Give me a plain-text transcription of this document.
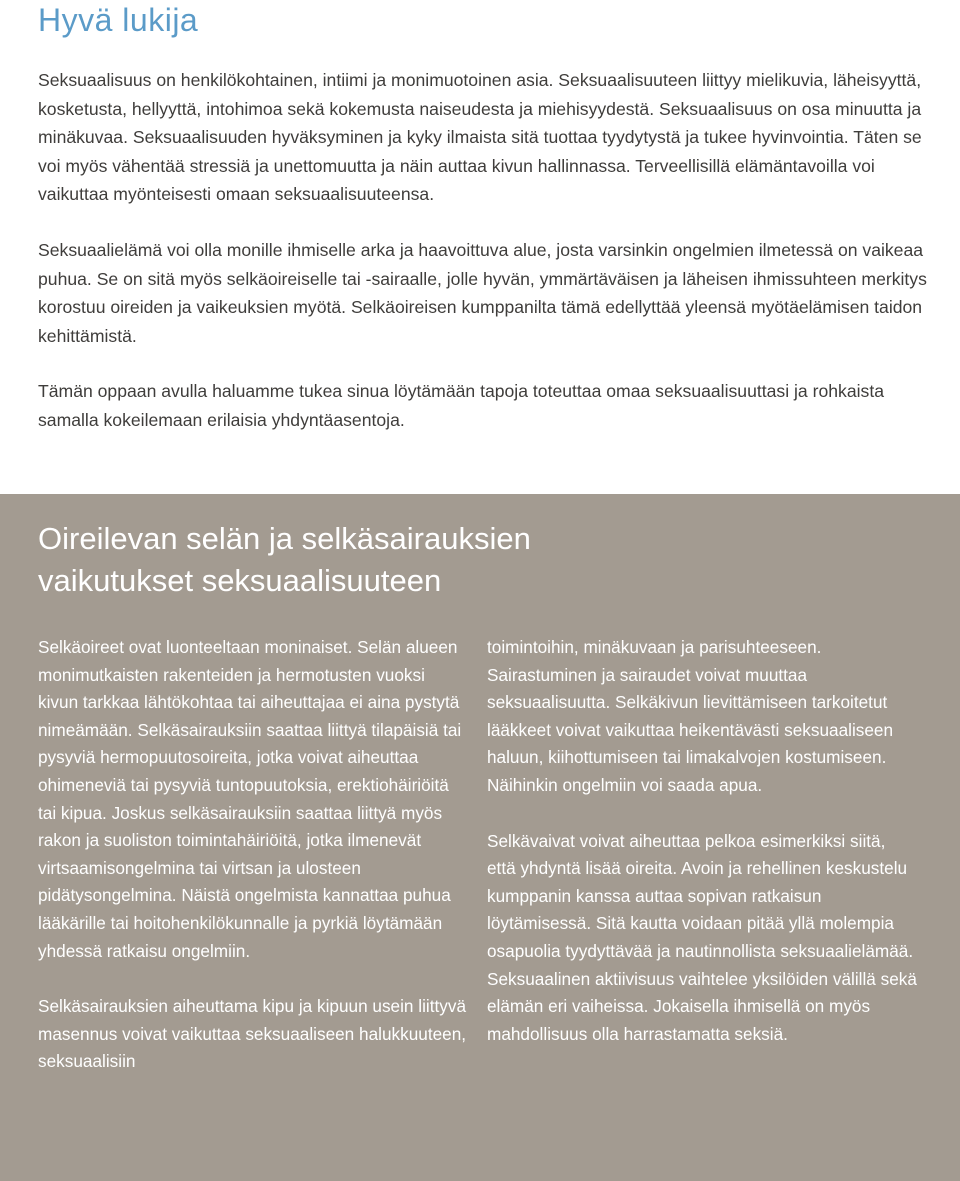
Hyvä lukija

Seksuaalisuus on henkilökohtainen, intiimi ja monimuotoinen asia. Seksuaalisuuteen liittyy mielikuvia, läheisyyttä, kosketusta, hellyyttä, intohimoa sekä kokemusta naiseudesta ja miehisyydestä. Seksuaalisuus on osa minuutta ja minäkuvaa. Seksuaalisuuden hyväksyminen ja kyky ilmaista sitä tuottaa tyydytystä ja tukee hyvinvointia. Täten se voi myös vähentää stressiä ja unettomuutta ja näin auttaa kivun hallinnassa. Terveellisillä elämäntavoilla voi vaikuttaa myönteisesti omaan seksuaalisuuteensa.

Seksuaalielämä voi olla monille ihmiselle arka ja haavoittuva alue, josta varsinkin ongelmien ilmetessä on vaikeaa puhua. Se on sitä myös selkäoireiselle tai -sairaalle, jolle hyvän, ymmärtäväisen ja läheisen ihmissuhteen merkitys korostuu oireiden ja vaikeuksien myötä. Selkäoireisen kumppanilta tämä edellyttää yleensä myötäelämisen taidon kehittämistä.

Tämän oppaan avulla haluamme tukea sinua löytämään tapoja toteuttaa omaa seksuaalisuuttasi ja rohkaista samalla kokeilemaan erilaisia yhdyntäasentoja.

Oireilevan selän ja selkäsairauksien
vaikutukset seksuaalisuuteen

Selkäoireet ovat luonteeltaan moninaiset. Selän alueen monimutkaisten rakenteiden ja hermotusten vuoksi kivun tarkkaa lähtökohtaa tai aiheuttajaa ei aina pystytä nimeämään. Selkäsairauksiin saattaa liittyä tilapäisiä tai pysyviä hermopuutosoireita, jotka voivat aiheuttaa ohimeneviä tai pysyviä tuntopuutoksia, erektiohäiriöitä tai kipua. Joskus selkäsairauksiin saattaa liittyä myös rakon ja suoliston toimintahäiriöitä, jotka ilmenevät virtsaamisongelmina tai virtsan ja ulosteen pidätysongelmina. Näistä ongelmista kannattaa puhua lääkärille tai hoitohenkilökunnalle ja pyrkiä löytämään yhdessä ratkaisu ongelmiin.

Selkäsairauksien aiheuttama kipu ja kipuun usein liittyvä masennus voivat vaikuttaa seksuaaliseen halukkuuteen, seksuaalisiin

toimintoihin, minäkuvaan ja parisuhteeseen. Sairastuminen ja sairaudet voivat muuttaa seksuaalisuutta. Selkäkivun lievittämiseen tarkoitetut lääkkeet voivat vaikuttaa heikentävästi seksuaaliseen haluun, kiihottumiseen tai limakalvojen kostumiseen. Näihinkin ongelmiin voi saada apua.

Selkävaivat voivat aiheuttaa pelkoa esimerkiksi siitä, että yhdyntä lisää oireita. Avoin ja rehellinen keskustelu kumppanin kanssa auttaa sopivan ratkaisun löytämisessä. Sitä kautta voidaan pitää yllä molempia osapuolia tyydyttävää ja nautinnollista seksuaalielämää. Seksuaalinen aktiivisuus vaihtelee yksilöiden välillä sekä elämän eri vaiheissa. Jokaisella ihmisellä on myös mahdollisuus olla harrastamatta seksiä.
